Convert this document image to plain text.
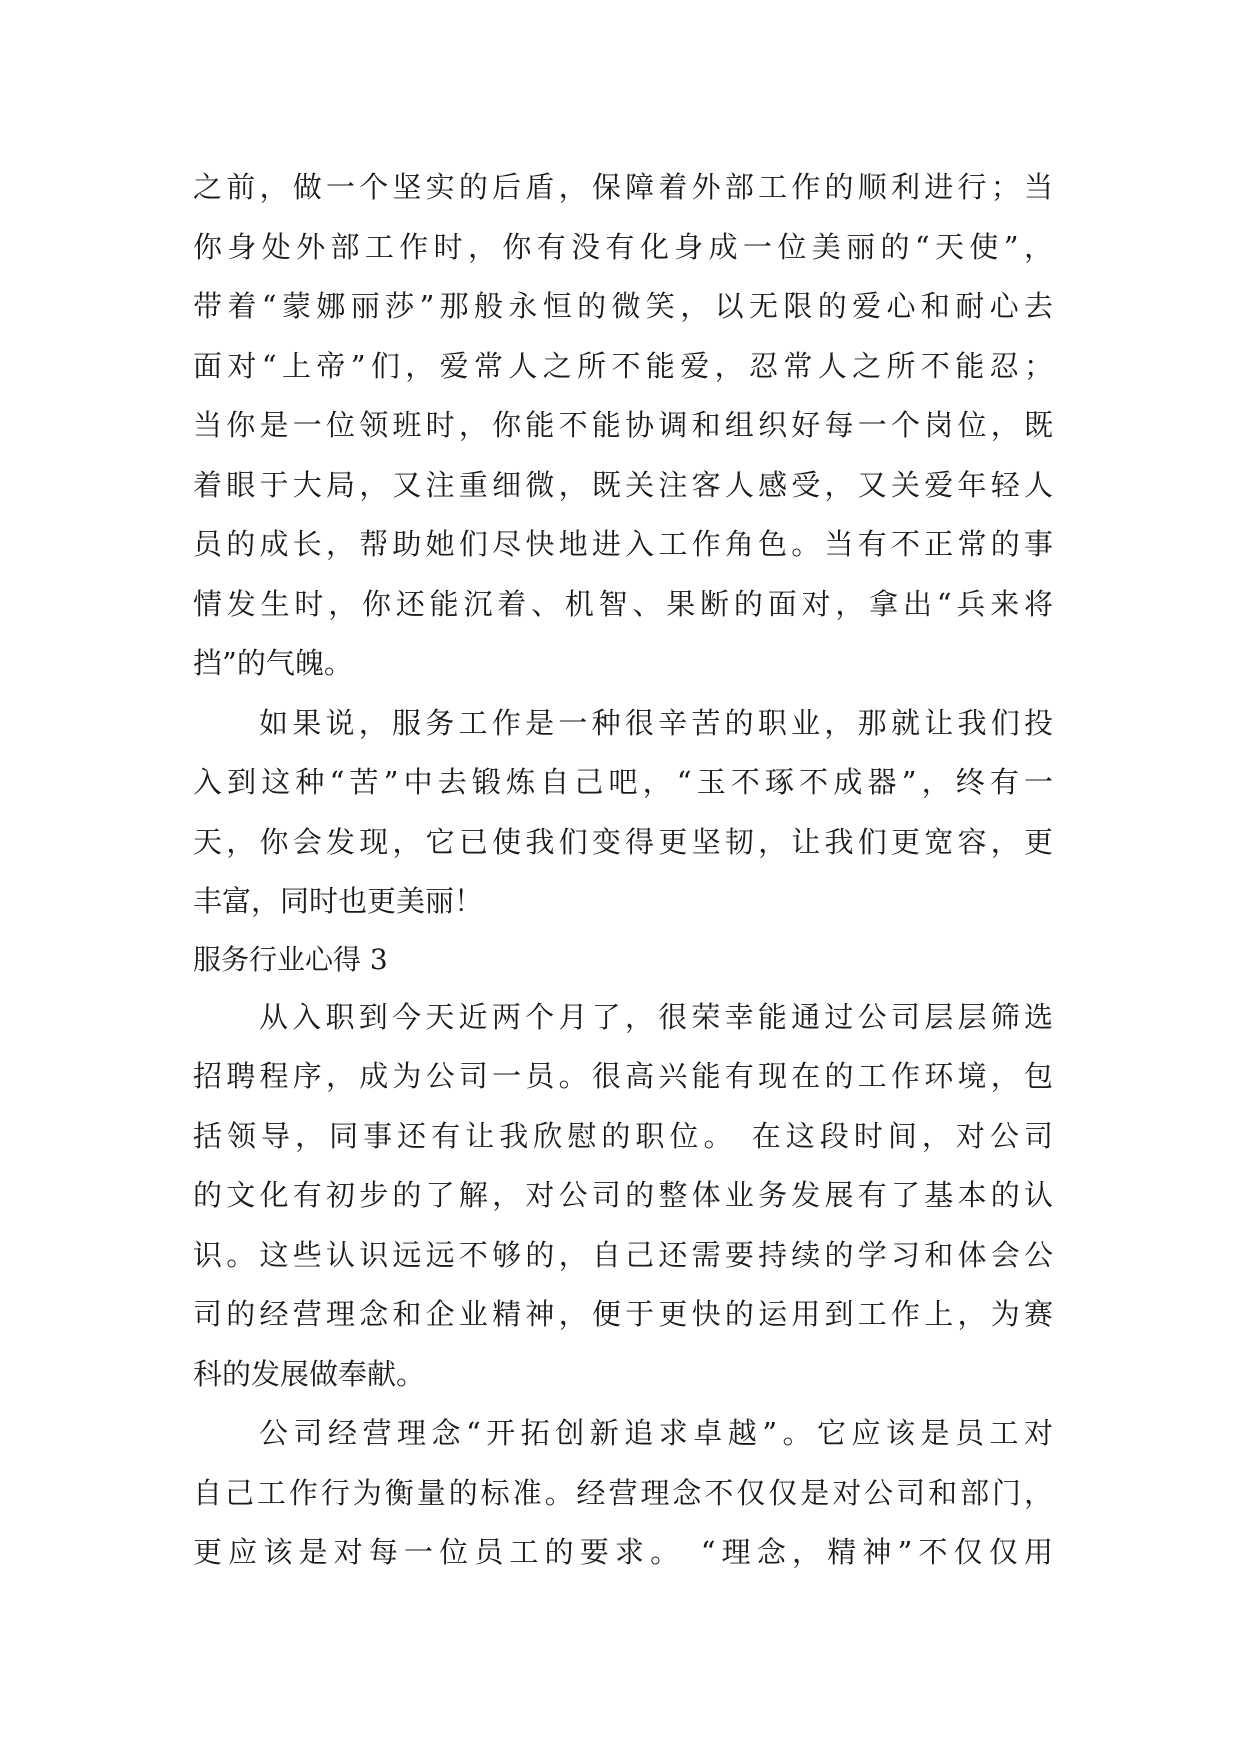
之前，做一个坚实的后盾，保障着外部工作的顺利进行；当
你身处外部工作时，你有没有化身成一位美丽的“天使”，
带着“蒙娜丽莎”那般永恒的微笑，以无限的爱心和耐心去
面对“上帝”们，爱常人之所不能爱，忍常人之所不能忍；
当你是一位领班时，你能不能协调和组织好每一个岗位，既
着眼于大局，又注重细微，既关注客人感受，又关爱年轻人
员的成长，帮助她们尽快地进入工作角色。当有不正常的事
情发生时，你还能沉着、机智、果断的面对，拿出“兵来将
挡”的气魄。
如果说，服务工作是一种很辛苦的职业，那就让我们投
入到这种“苦”中去锻炼自己吧，“玉不琢不成器”，终有一
天，你会发现，它已使我们变得更坚韧，让我们更宽容，更
丰富，同时也更美丽！
服务行业心得 3
从入职到今天近两个月了，很荣幸能通过公司层层筛选
招聘程序，成为公司一员。很高兴能有现在的工作环境，包
括领导，同事还有让我欣慰的职位。 在这段时间，对公司
的文化有初步的了解，对公司的整体业务发展有了基本的认
识。这些认识远远不够的，自己还需要持续的学习和体会公
司的经营理念和企业精神，便于更快的运用到工作上，为赛
科的发展做奉献。
公司经营理念“开拓创新追求卓越”。它应该是员工对
自己工作行为衡量的标准。经营理念不仅仅是对公司和部门，
更应该是对每一位员工的要求。 “理念，精神”不仅仅用
